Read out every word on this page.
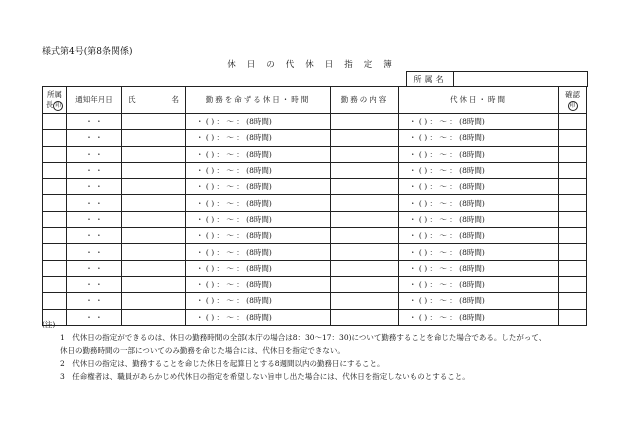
様式第4号(第8条関係)
休日の代休日指定簿
所属名
所属
長 印	通知年月日	氏 名	勤務を命ずる休日・時間	勤務の内容	代休日・時間	確認
印
	・ ・		・ ( ) ： 〜 ： (8時間)		・ ( ) ： 〜 ： (8時間)	
	・ ・		・ ( ) ： 〜 ： (8時間)		・ ( ) ： 〜 ： (8時間)	
	・ ・		・ ( ) ： 〜 ： (8時間)		・ ( ) ： 〜 ： (8時間)	
	・ ・		・ ( ) ： 〜 ： (8時間)		・ ( ) ： 〜 ： (8時間)	
	・ ・		・ ( ) ： 〜 ： (8時間)		・ ( ) ： 〜 ： (8時間)	
	・ ・		・ ( ) ： 〜 ： (8時間)		・ ( ) ： 〜 ： (8時間)	
	・ ・		・ ( ) ： 〜 ： (8時間)		・ ( ) ： 〜 ： (8時間)	
	・ ・		・ ( ) ： 〜 ： (8時間)		・ ( ) ： 〜 ： (8時間)	
	・ ・		・ ( ) ： 〜 ： (8時間)		・ ( ) ： 〜 ： (8時間)	
	・ ・		・ ( ) ： 〜 ： (8時間)		・ ( ) ： 〜 ： (8時間)	
	・ ・		・ ( ) ： 〜 ： (8時間)		・ ( ) ： 〜 ： (8時間)	
	・ ・		・ ( ) ： 〜 ： (8時間)		・ ( ) ： 〜 ： (8時間)	
	・ ・		・ ( ) ： 〜 ： (8時間)		・ ( ) ： 〜 ： (8時間)	

(注)

1　代休日の指定ができるのは、休日の勤務時間の全部(本庁の場合は8：30〜17：30)について勤務することを命じた場合である。したがって、

休日の勤務時間の一部についてのみ勤務を命じた場合には、代休日を指定できない。

2　代休日の指定は、勤務することを命じた休日を起算日とする8週間以内の勤務日にすること。

3　任命権者は、職員があらかじめ代休日の指定を希望しない旨申し出た場合には、代休日を指定しないものとすること。
